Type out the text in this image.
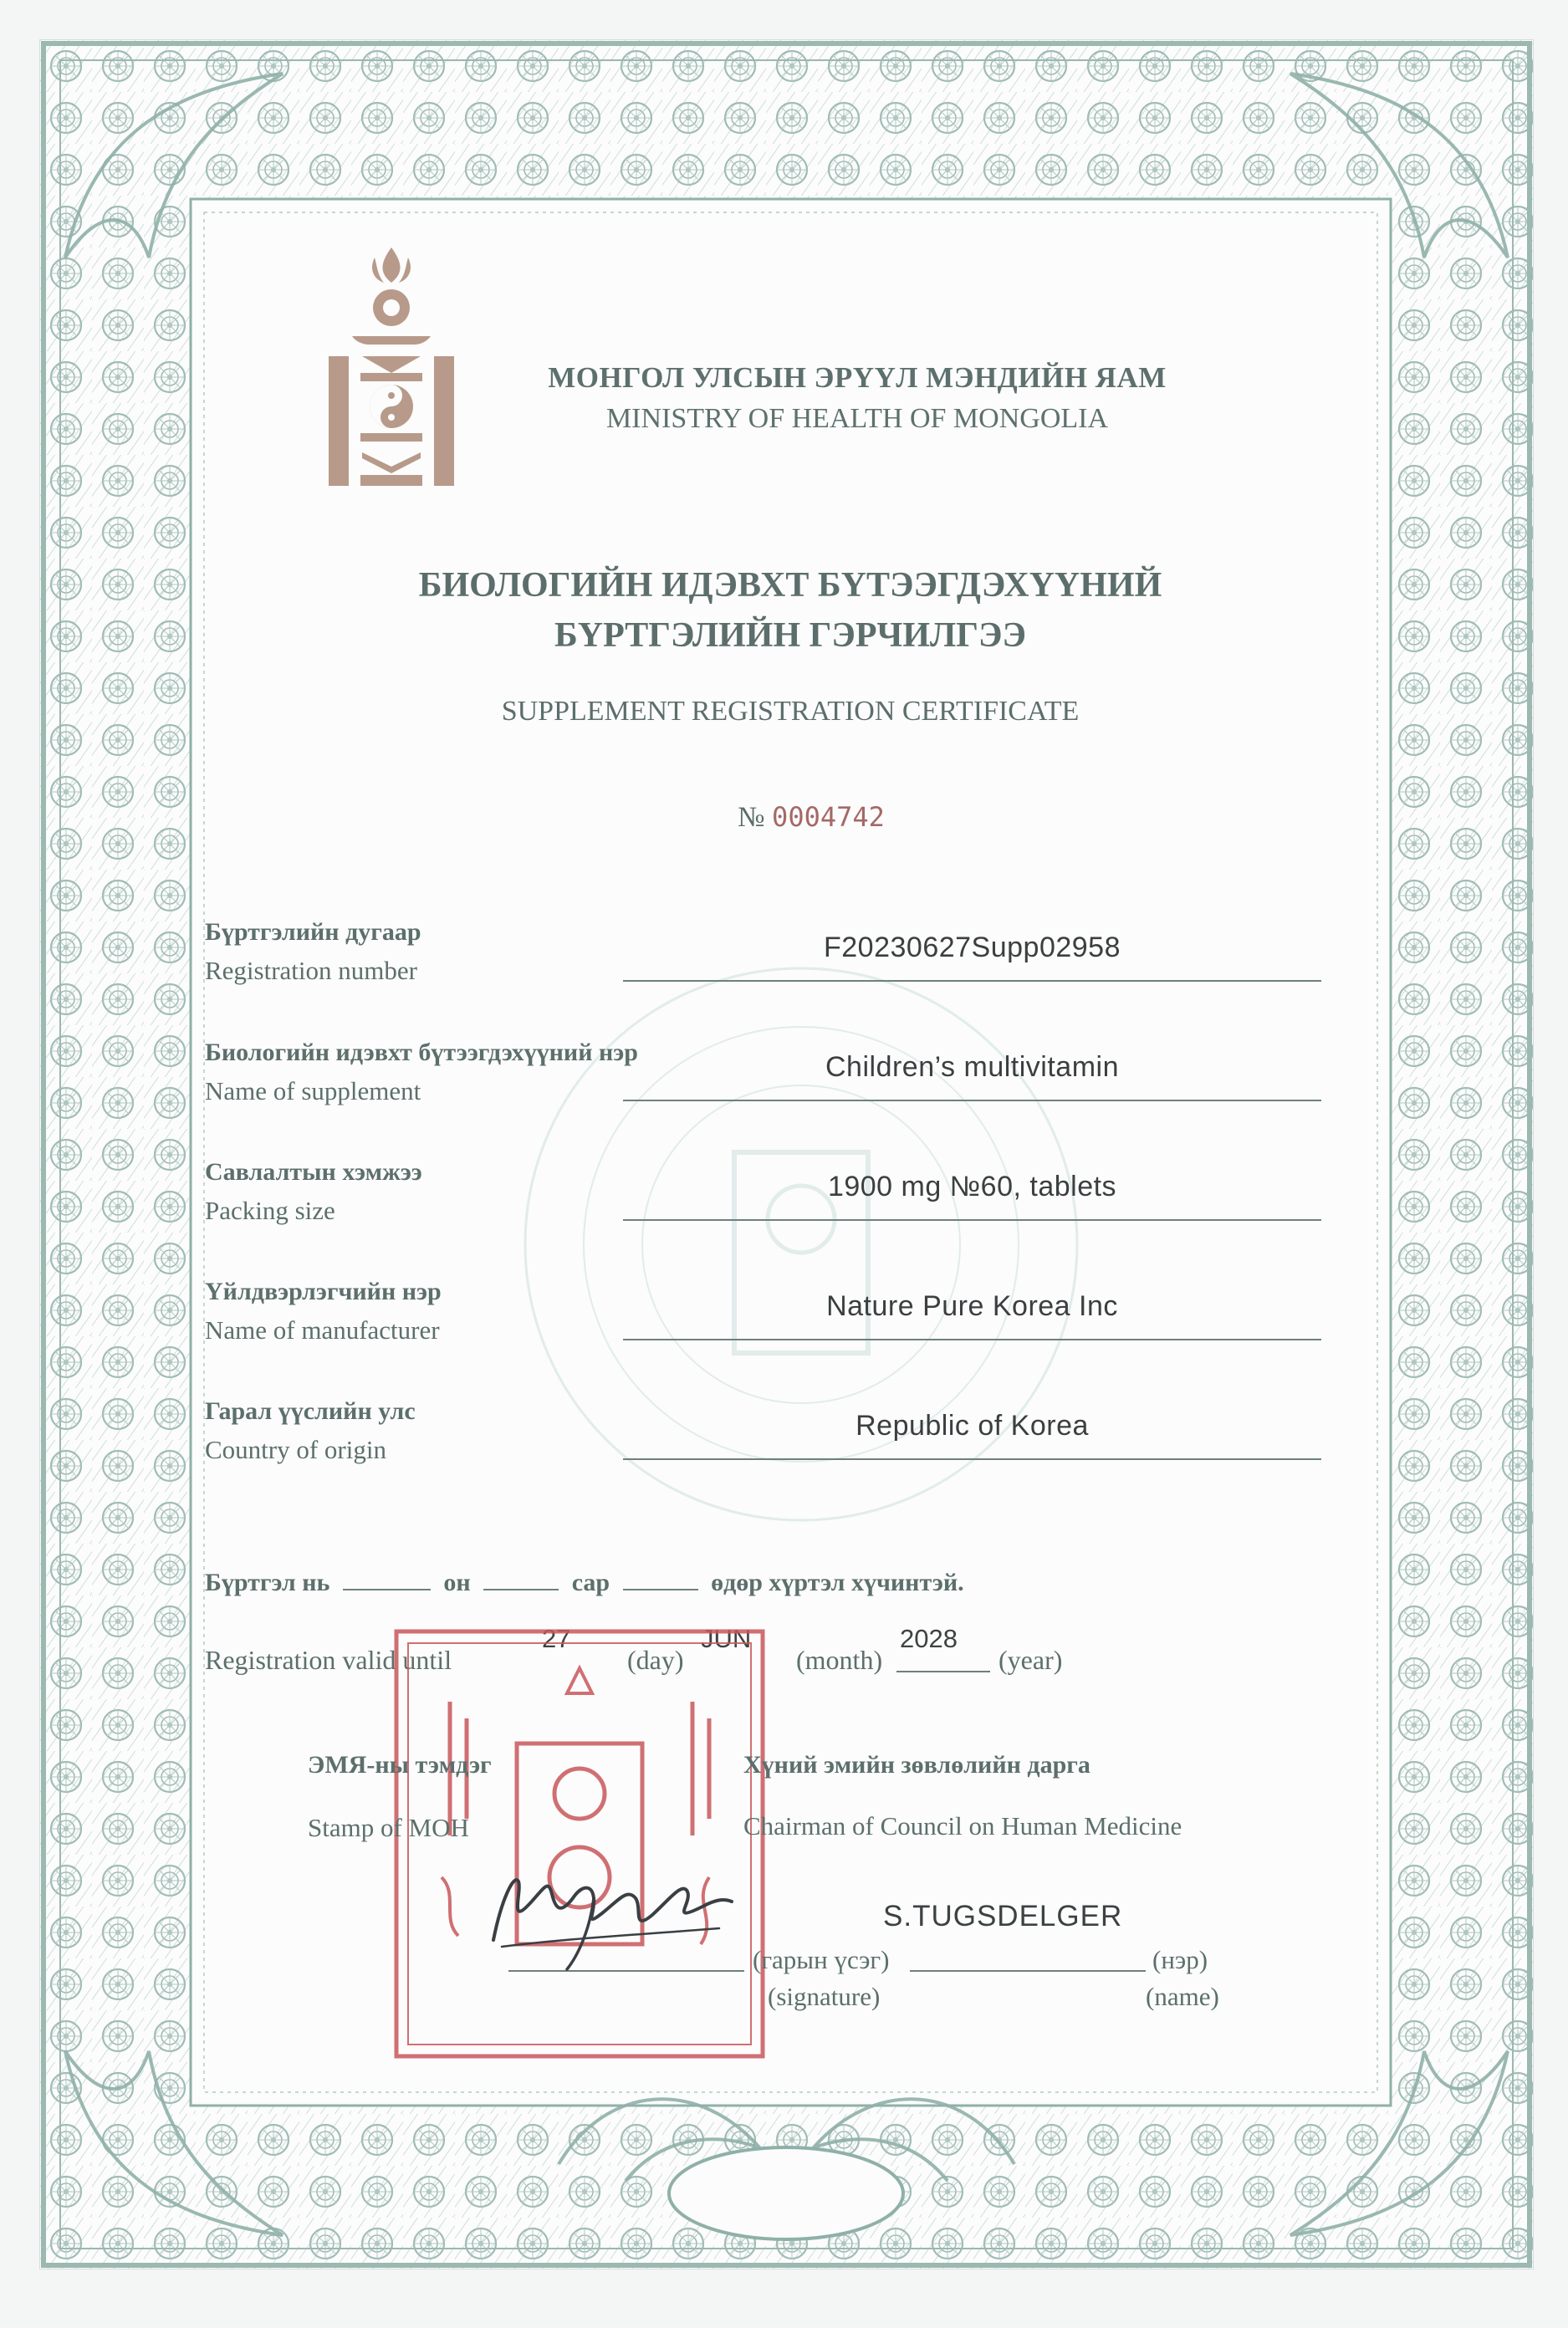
МОНГОЛ УЛСЫН ЭРҮҮЛ МЭНДИЙН ЯАМ
MINISTRY OF HEALTH OF MONGOLIA
БИОЛОГИЙН ИДЭВХТ БҮТЭЭГДЭХҮҮНИЙ
БҮРТГЭЛИЙН ГЭРЧИЛГЭЭ
SUPPLEMENT REGISTRATION CERTIFICATE
№ 0004742
Бүртгэлийн дугаар
Registration number
F20230627Supp02958
Биологийн идэвхт бүтээгдэхүүний нэр
Name of supplement
Children’s multivitamin
Савлалтын хэмжээ
Packing size
1900 mg №60, tablets
Үйлдвэрлэгчийн нэр
Name of manufacturer
Nature Pure Korea Inc
Гарал үүслийн улс
Country of origin
Republic of Korea
Бүртгэл нь	он	сар	өдөр хүртэл хүчинтэй.
Registration valid until
27
(day)
JUN
(month)
2028
(year)
ЭМЯ-ны тэмдэг
Stamp of MOH
Хүний эмийн зөвлөлийн дарга
Chairman of Council on Human Medicine
S.TUGSDELGER
(гарын үсэг)	(нэр)
(signature)	(name)
